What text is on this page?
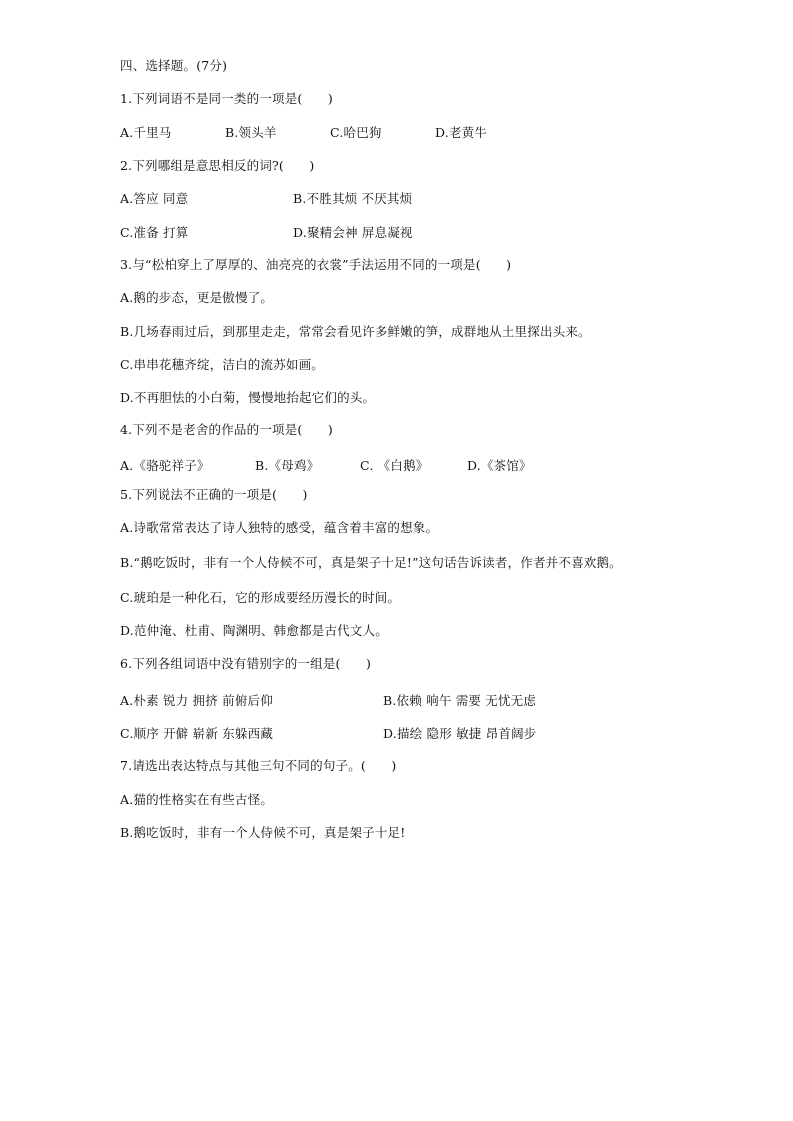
四、选择题。(7分)
1.下列词语不是同一类的一项是(　　)
A.千里马	B.领头羊	C.哈巴狗	D.老黄牛
2.下列哪组是意思相反的词?(　　)
A.答应 同意	B.不胜其烦 不厌其烦
C.准备 打算	D.聚精会神 屏息凝视
3.与“松柏穿上了厚厚的、油亮亮的衣裳”手法运用不同的一项是(　　)
A.鹅的步态，更是傲慢了。
B.几场春雨过后，到那里走走，常常会看见许多鲜嫩的笋，成群地从土里探出头来。
C.串串花穗齐绽，洁白的流苏如画。
D.不再胆怯的小白菊，慢慢地抬起它们的头。
4.下列不是老舍的作品的一项是(　　)
A.《骆驼祥子》	B.《母鸡》	C. 《白鹅》	D.《茶馆》
5.下列说法不正确的一项是(　　)
A.诗歌常常表达了诗人独特的感受，蕴含着丰富的想象。
B.“鹅吃饭时，非有一个人侍候不可，真是架子十足!”这句话告诉读者，作者并不喜欢鹅。
C.琥珀是一种化石，它的形成要经历漫长的时间。
D.范仲淹、杜甫、陶渊明、韩愈都是古代文人。
6.下列各组词语中没有错别字的一组是(　　)
A.朴素 锐力 拥挤 前俯后仰	B.依赖 响午 需要 无忧无虑
C.顺序 开僻 崭新 东躲西藏	D.描绘 隐形 敏捷 昂首阔步
7.请选出表达特点与其他三句不同的句子。(　　)
A.猫的性格实在有些古怪。
B.鹅吃饭时，非有一个人侍候不可，真是架子十足!
